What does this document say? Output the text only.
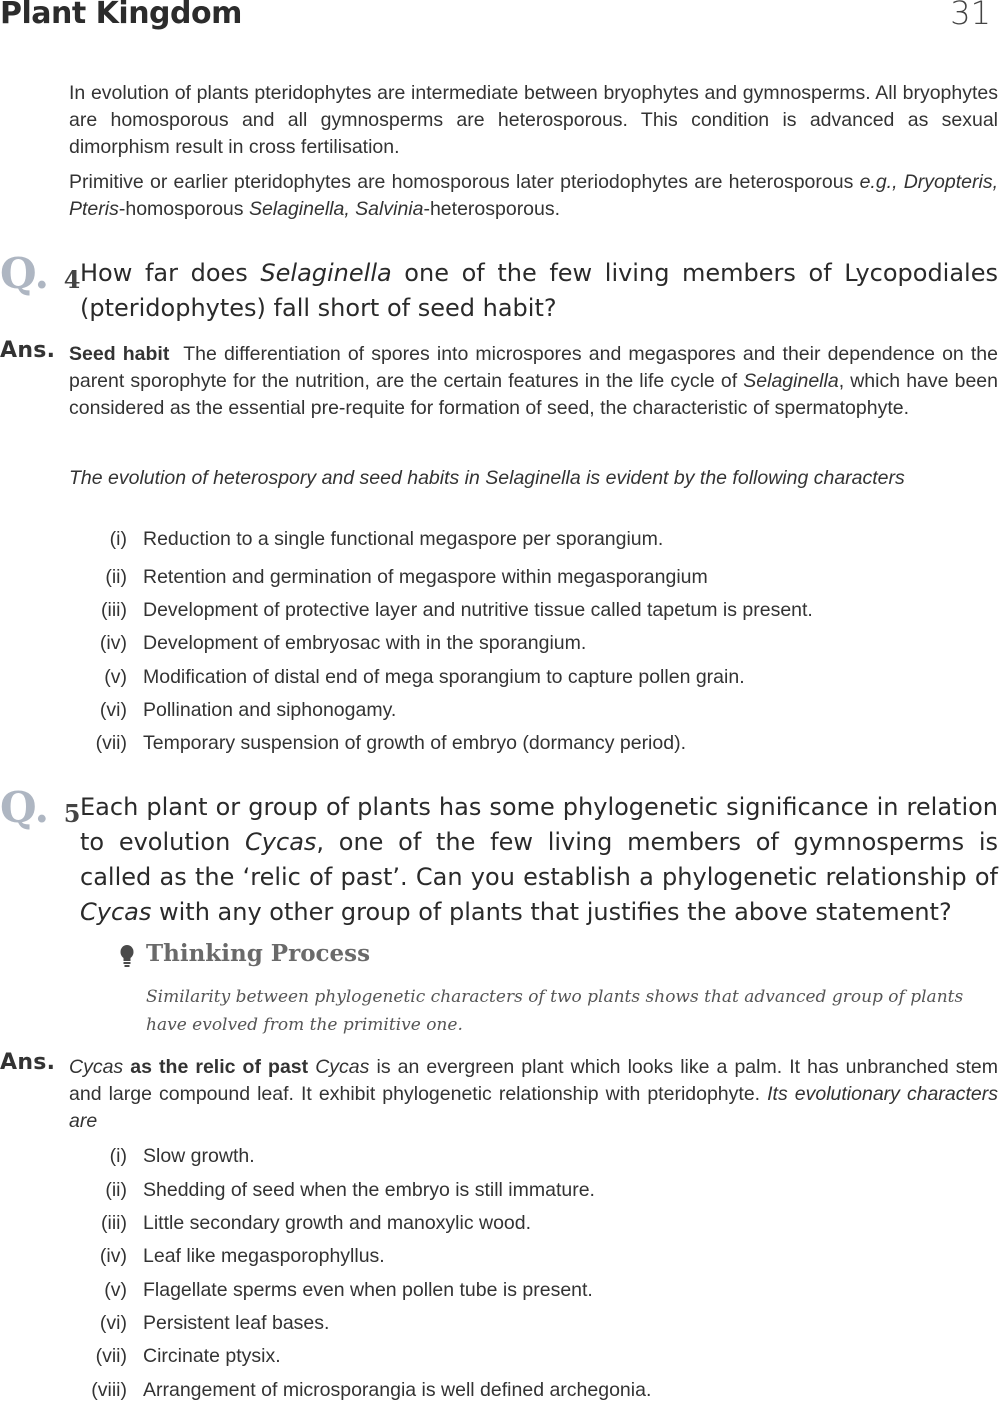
Plant Kingdom	31
In evolution of plants pteridophytes are intermediate between bryophytes and gymnosperms. All bryophytes are homosporous and all gymnosperms are heterosporous. This condition is advanced as sexual dimorphism result in cross fertilisation.
Primitive or earlier pteridophytes are homosporous later pteriodophytes are heterosporous e.g., Dryopteris, Pteris-homosporous Selaginella, Salvinia-heterosporous.
Q. 4 How far does Selaginella one of the few living members of Lycopodiales (pteridophytes) fall short of seed habit?
Ans. Seed habit The differentiation of spores into microspores and megaspores and their dependence on the parent sporophyte for the nutrition, are the certain features in the life cycle of Selaginella, which have been considered as the essential pre-requite for formation of seed, the characteristic of spermatophyte.
The evolution of heterospory and seed habits in Selaginella is evident by the following characters
(i) Reduction to a single functional megaspore per sporangium.
(ii) Retention and germination of megaspore within megasporangium
(iii) Development of protective layer and nutritive tissue called tapetum is present.
(iv) Development of embryosac with in the sporangium.
(v) Modification of distal end of mega sporangium to capture pollen grain.
(vi) Pollination and siphonogamy.
(vii) Temporary suspension of growth of embryo (dormancy period).
Q. 5 Each plant or group of plants has some phylogenetic significance in relation to evolution Cycas, one of the few living members of gymnosperms is called as the ‘relic of past’. Can you establish a phylogenetic relationship of Cycas with any other group of plants that justifies the above statement?
Thinking Process
Similarity between phylogenetic characters of two plants shows that advanced group of plants have evolved from the primitive one.
Ans. Cycas as the relic of past Cycas is an evergreen plant which looks like a palm. It has unbranched stem and large compound leaf. It exhibit phylogenetic relationship with pteridophyte. Its evolutionary characters are
(i) Slow growth.
(ii) Shedding of seed when the embryo is still immature.
(iii) Little secondary growth and manoxylic wood.
(iv) Leaf like megasporophyllus.
(v) Flagellate sperms even when pollen tube is present.
(vi) Persistent leaf bases.
(vii) Circinate ptysix.
(viii) Arrangement of microsporangia is well defined archegonia.
